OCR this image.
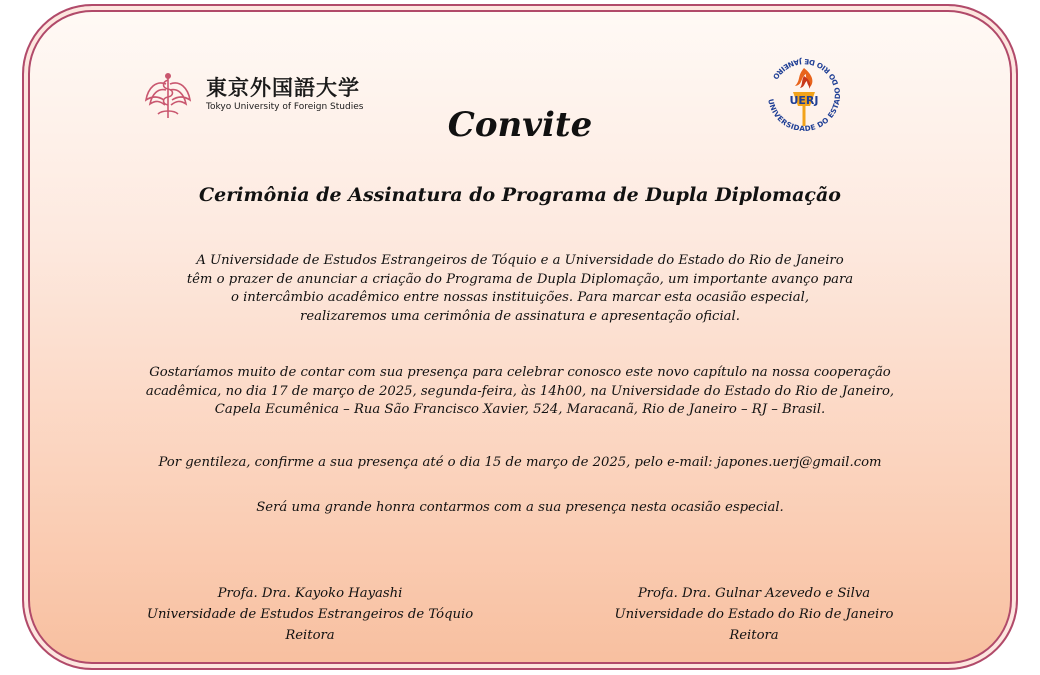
東京外国語大学
Tokyo University of Foreign Studies
UNIVERSIDADE DO ESTADO DO RIO DE JANEIRO
UERJ
Convite
Cerimônia de Assinatura do Programa de Dupla Diplomação
A Universidade de Estudos Estrangeiros de Tóquio e a Universidade do Estado do Rio de Janeiro
têm o prazer de anunciar a criação do Programa de Dupla Diplomação, um importante avanço para
o intercâmbio acadêmico entre nossas instituições. Para marcar esta ocasião especial,
realizaremos uma cerimônia de assinatura e apresentação oficial.
Gostaríamos muito de contar com sua presença para celebrar conosco este novo capítulo na nossa cooperação
acadêmica, no dia 17 de março de 2025, segunda-feira, às 14h00, na Universidade do Estado do Rio de Janeiro,
Capela Ecumênica – Rua São Francisco Xavier, 524, Maracanã, Rio de Janeiro – RJ – Brasil.
Por gentileza, confirme a sua presença até o dia 15 de março de 2025, pelo e-mail: japones.uerj@gmail.com
Será uma grande honra contarmos com a sua presença nesta ocasião especial.
Profa. Dra. Kayoko Hayashi
Universidade de Estudos Estrangeiros de Tóquio
Reitora
Profa. Dra. Gulnar Azevedo e Silva
Universidade do Estado do Rio de Janeiro
Reitora
